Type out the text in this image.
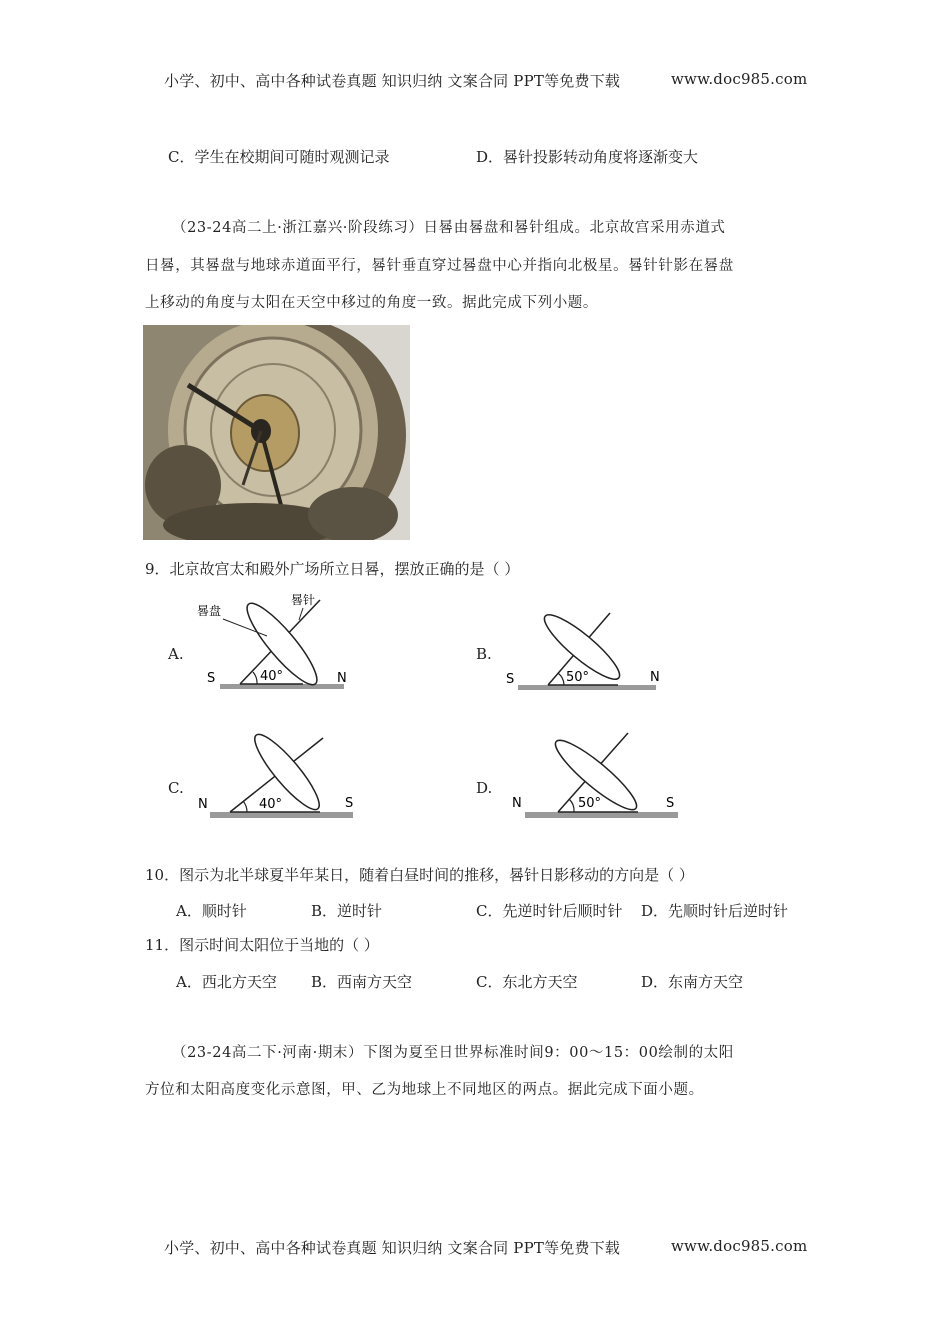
小学、初中、高中各种试卷真题 知识归纳 文案合同 PPT等免费下载	www.doc985.com
C．学生在校期间可随时观测记录	D．晷针投影转动角度将逐渐变大
（23-24高二上·浙江嘉兴·阶段练习）日晷由晷盘和晷针组成。北京故宫采用赤道式
日晷，其晷盘与地球赤道面平行，晷针垂直穿过晷盘中心并指向北极星。晷针针影在晷盘
上移动的角度与太阳在天空中移过的角度一致。据此完成下列小题。
9．北京故宫太和殿外广场所立日晷，摆放正确的是（ ）
A.
S	N
40°
晷盘
晷针
B.
S	N
50°
C.
N	S
40°
D.
N	S
50°
10．图示为北半球夏半年某日，随着白昼时间的推移，晷针日影移动的方向是（ ）
A．顺时针	B．逆时针	C．先逆时针后顺时针 D．先顺时针后逆时针
11．图示时间太阳位于当地的（ ）
A．西北方天空 B．西南方天空	C．东北方天空	D．东南方天空
（23-24高二下·河南·期末）下图为夏至日世界标准时间9：00～15：00绘制的太阳
方位和太阳高度变化示意图，甲、乙为地球上不同地区的两点。据此完成下面小题。
小学、初中、高中各种试卷真题 知识归纳 文案合同 PPT等免费下载	www.doc985.com
